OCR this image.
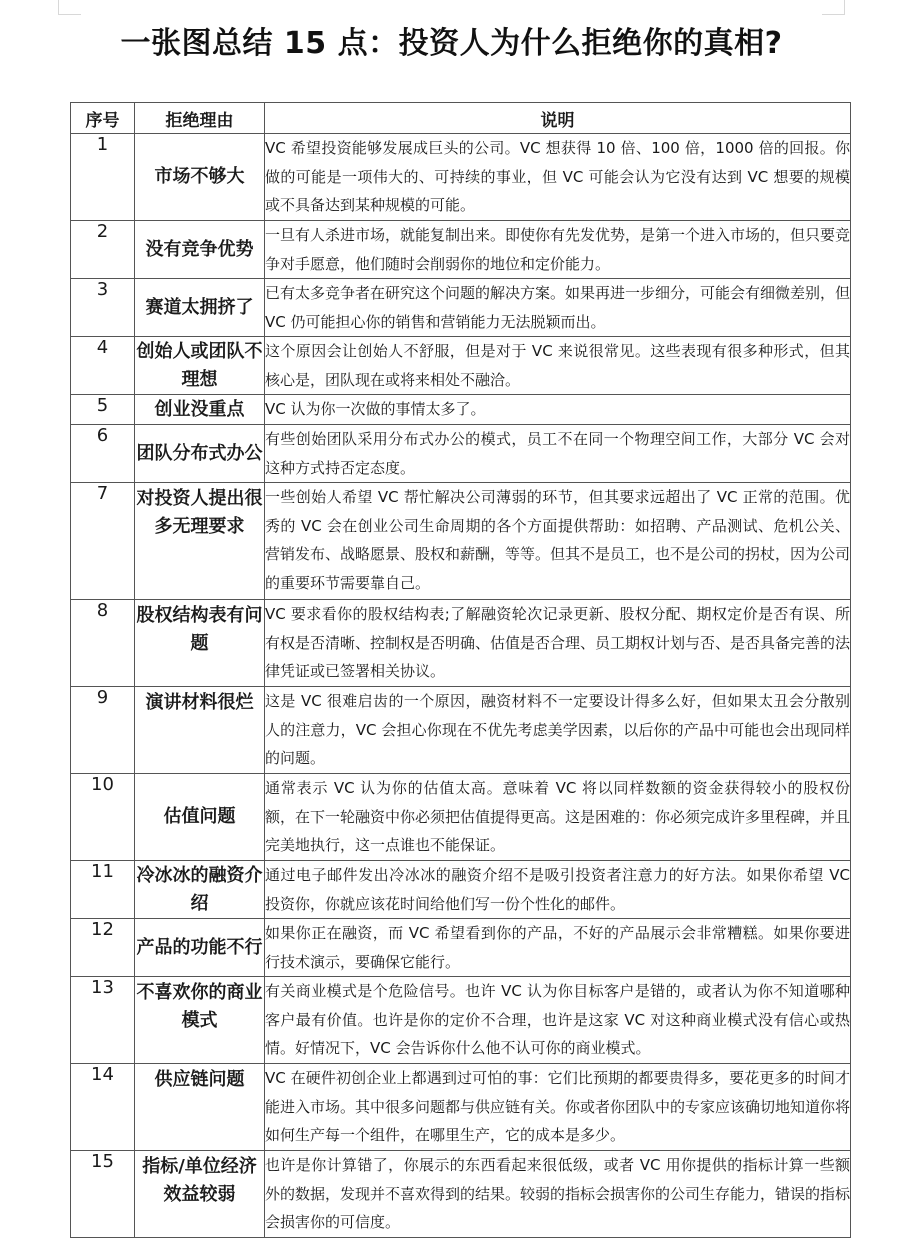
一张图总结 15 点：投资人为什么拒绝你的真相?
序号	拒绝理由	说明
1	市场不够大	VC 希望投资能够发展成巨头的公司。VC 想获得 10 倍、100 倍，1000 倍的回报。你做的可能是一项伟大的、可持续的事业，但 VC 可能会认为它没有达到 VC 想要的规模或不具备达到某种规模的可能。
2	没有竞争优势	一旦有人杀进市场，就能复制出来。即使你有先发优势，是第一个进入市场的，但只要竞争对手愿意，他们随时会削弱你的地位和定价能力。
3	赛道太拥挤了	已有太多竞争者在研究这个问题的解决方案。如果再进一步细分，可能会有细微差别，但 VC 仍可能担心你的销售和营销能力无法脱颖而出。
4	创始人或团队不理想	这个原因会让创始人不舒服，但是对于 VC 来说很常见。这些表现有很多种形式，但其核心是，团队现在或将来相处不融洽。
5	创业没重点	VC 认为你一次做的事情太多了。
6	团队分布式办公	有些创始团队采用分布式办公的模式，员工不在同一个物理空间工作，大部分 VC 会对这种方式持否定态度。
7	对投资人提出很多无理要求	一些创始人希望 VC 帮忙解决公司薄弱的环节，但其要求远超出了 VC 正常的范围。优秀的 VC 会在创业公司生命周期的各个方面提供帮助：如招聘、产品测试、危机公关、营销发布、战略愿景、股权和薪酬，等等。但其不是员工，也不是公司的拐杖，因为公司的重要环节需要靠自己。
8	股权结构表有问题	VC 要求看你的股权结构表;了解融资轮次记录更新、股权分配、期权定价是否有误、所有权是否清晰、控制权是否明确、估值是否合理、员工期权计划与否、是否具备完善的法律凭证或已签署相关协议。
9	演讲材料很烂	这是 VC 很难启齿的一个原因，融资材料不一定要设计得多么好，但如果太丑会分散别人的注意力，VC 会担心你现在不优先考虑美学因素，以后你的产品中可能也会出现同样的问题。
10	估值问题	通常表示 VC 认为你的估值太高。意味着 VC 将以同样数额的资金获得较小的股权份额，在下一轮融资中你必须把估值提得更高。这是困难的：你必须完成许多里程碑，并且完美地执行，这一点谁也不能保证。
11	冷冰冰的融资介绍	通过电子邮件发出冷冰冰的融资介绍不是吸引投资者注意力的好方法。如果你希望 VC 投资你，你就应该花时间给他们写一份个性化的邮件。
12	产品的功能不行	如果你正在融资，而 VC 希望看到你的产品，不好的产品展示会非常糟糕。如果你要进行技术演示，要确保它能行。
13	不喜欢你的商业模式	有关商业模式是个危险信号。也许 VC 认为你目标客户是错的，或者认为你不知道哪种客户最有价值。也许是你的定价不合理，也许是这家 VC 对这种商业模式没有信心或热情。好情况下，VC 会告诉你什么他不认可你的商业模式。
14	供应链问题	VC 在硬件初创企业上都遇到过可怕的事：它们比预期的都要贵得多，要花更多的时间才能进入市场。其中很多问题都与供应链有关。你或者你团队中的专家应该确切地知道你将如何生产每一个组件，在哪里生产，它的成本是多少。
15	指标/单位经济效益较弱	也许是你计算错了，你展示的东西看起来很低级，或者 VC 用你提供的指标计算一些额外的数据，发现并不喜欢得到的结果。较弱的指标会损害你的公司生存能力，错误的指标会损害你的可信度。
